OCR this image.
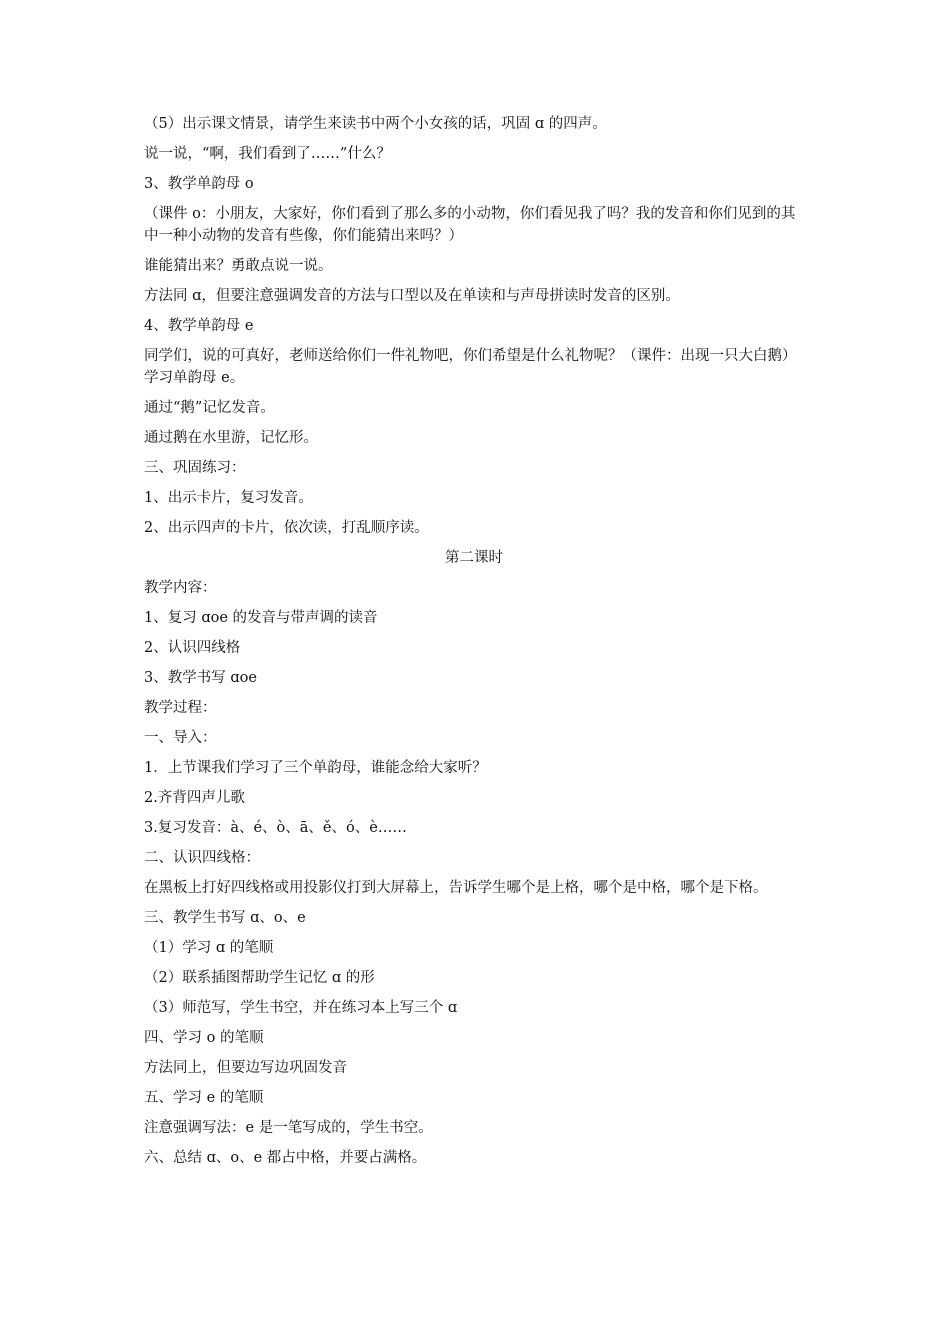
（5）出示课文情景，请学生来读书中两个小女孩的话，巩固 ɑ 的四声。

说一说，“啊，我们看到了……”什么？

3、教学单韵母 o

（课件 o：小朋友，大家好，你们看到了那么多的小动物，你们看见我了吗？我的发音和你们见到的其中一种小动物的发音有些像，你们能猜出来吗？）

谁能猜出来？勇敢点说一说。

方法同 ɑ，但要注意强调发音的方法与口型以及在单读和与声母拼读时发音的区别。

4、教学单韵母 e

同学们，说的可真好，老师送给你们一件礼物吧，你们希望是什么礼物呢？（课件：出现一只大白鹅）学习单韵母 e。

通过“鹅”记忆发音。

通过鹅在水里游，记忆形。

三、巩固练习：

1、出示卡片，复习发音。

2、出示四声的卡片，依次读，打乱顺序读。

第二课时

教学内容：

1、复习 ɑoe 的发音与带声调的读音

2、认识四线格

3、教学书写 ɑoe

教学过程：

一、导入：

1．上节课我们学习了三个单韵母，谁能念给大家听？

2.齐背四声儿歌

3.复习发音：à、é、ò、ā、ě、ó、è……

二、认识四线格：

在黑板上打好四线格或用投影仪打到大屏幕上，告诉学生哪个是上格，哪个是中格，哪个是下格。

三、教学生书写 ɑ、o、e

（1）学习 ɑ 的笔顺

（2）联系插图帮助学生记忆 ɑ 的形

（3）师范写，学生书空，并在练习本上写三个 ɑ

四、学习 o 的笔顺

方法同上，但要边写边巩固发音

五、学习 e 的笔顺

注意强调写法：e 是一笔写成的，学生书空。

六、总结 ɑ、o、e 都占中格，并要占满格。
